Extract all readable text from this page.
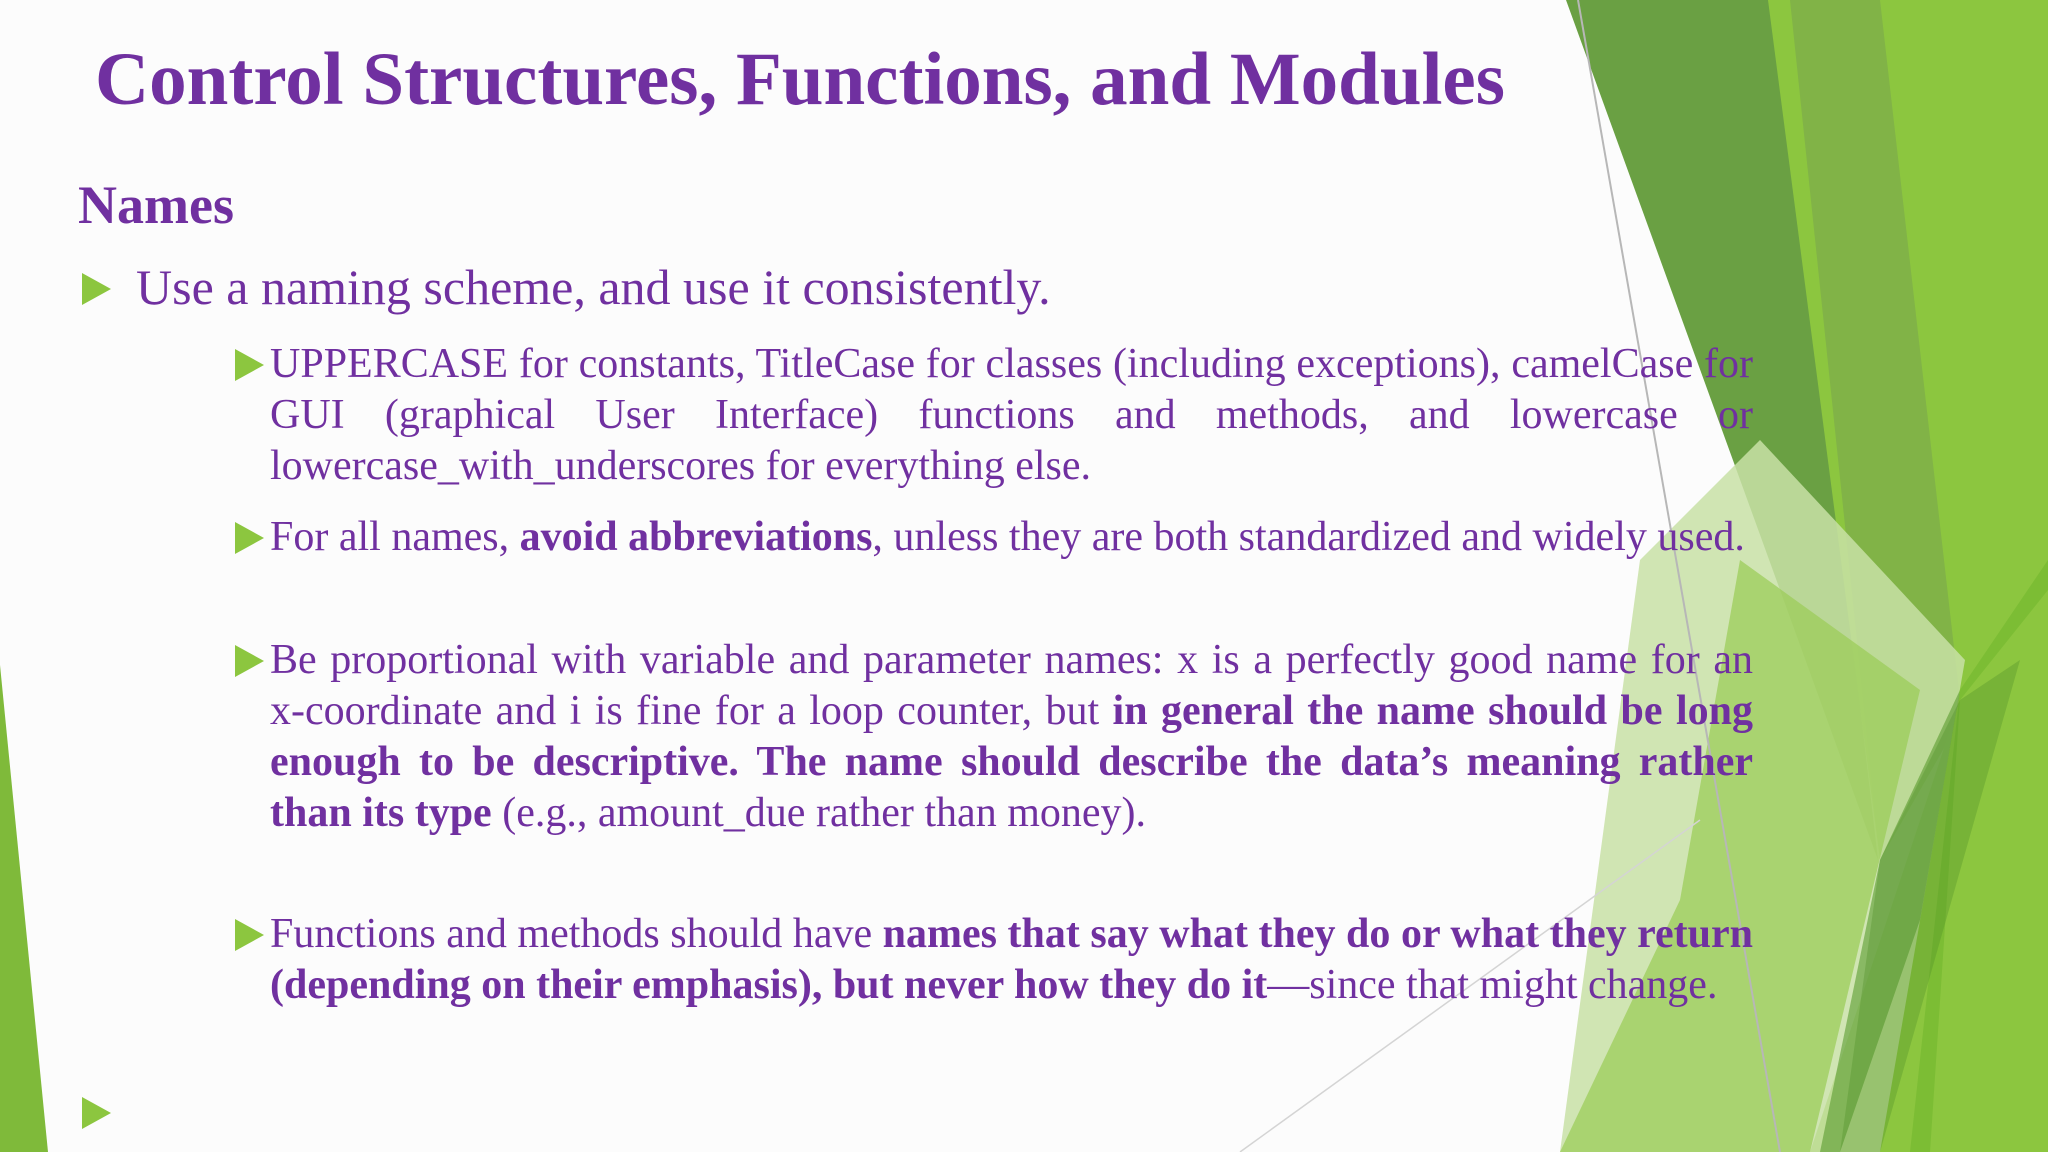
Control Structures, Functions, and Modules
Names
Use a naming scheme, and use it consistently.
UPPERCASE for constants, TitleCase for classes (including exceptions), camelCase for GUI (graphical User Interface) functions and methods, and lowercase or lowercase_with_underscores for everything else.
For all names, avoid abbreviations, unless they are both standardized and widely used.
Be proportional with variable and parameter names: x is a perfectly good name for an x-coordinate and i is fine for a loop counter, but in general the name should be long enough to be descriptive. The name should describe the data’s meaning rather than its type (e.g., amount_due rather than money).
Functions and methods should have names that say what they do or what they return (depending on their emphasis), but never how they do it—since that might change.
